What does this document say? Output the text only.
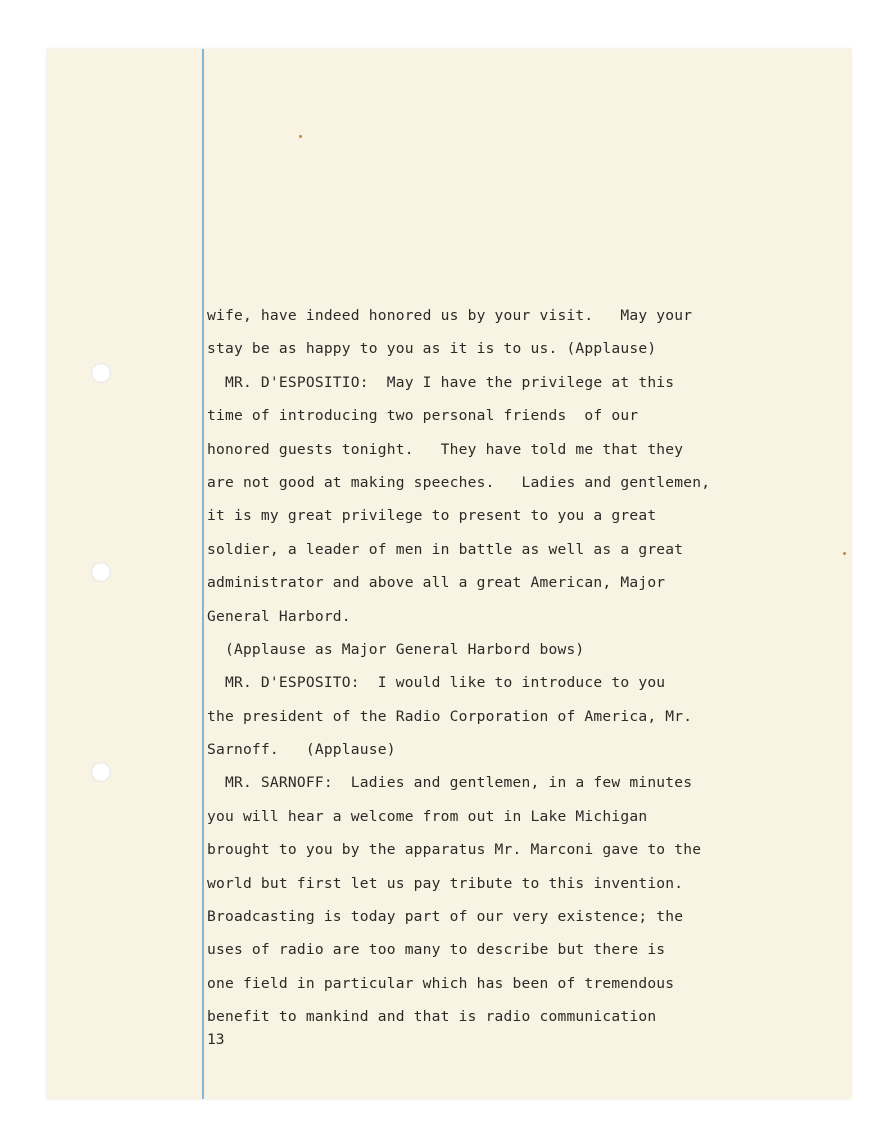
wife, have indeed honored us by your visit.   May your
stay be as happy to you as it is to us. (Applause)
MR. D'ESPOSITIO:  May I have the privilege at this
time of introducing two personal friends  of our
honored guests tonight.   They have told me that they
are not good at making speeches.   Ladies and gentlemen,
it is my great privilege to present to you a great
soldier, a leader of men in battle as well as a great
administrator and above all a great American, Major
General Harbord.
(Applause as Major General Harbord bows)
MR. D'ESPOSITO:  I would like to introduce to you
the president of the Radio Corporation of America, Mr.
Sarnoff.   (Applause)
MR. SARNOFF:  Ladies and gentlemen, in a few minutes
you will hear a welcome from out in Lake Michigan
brought to you by the apparatus Mr. Marconi gave to the
world but first let us pay tribute to this invention.
Broadcasting is today part of our very existence; the
uses of radio are too many to describe but there is
one field in particular which has been of tremendous
benefit to mankind and that is radio communication
13
